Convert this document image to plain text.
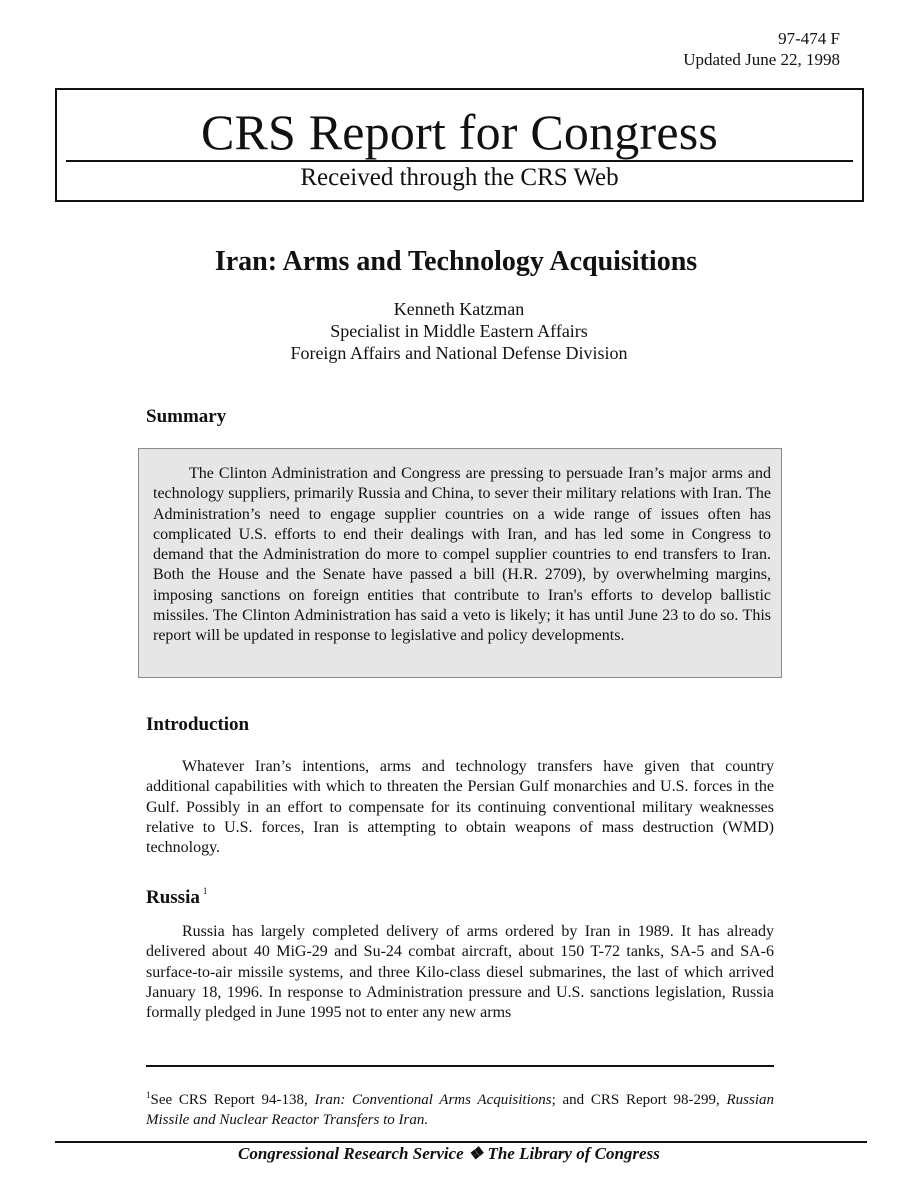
97-474 F
Updated June 22, 1998
CRS Report for Congress
Received through the CRS Web
Iran: Arms and Technology Acquisitions
Kenneth Katzman
Specialist in Middle Eastern Affairs
Foreign Affairs and National Defense Division
Summary

The Clinton Administration and Congress are pressing to persuade Iran’s major arms and technology suppliers, primarily Russia and China, to sever their military relations with Iran. The Administration’s need to engage supplier countries on a wide range of issues often has complicated U.S. efforts to end their dealings with Iran, and has led some in Congress to demand that the Administration do more to compel supplier countries to end transfers to Iran. Both the House and the Senate have passed a bill (H.R. 2709), by overwhelming margins, imposing sanctions on foreign entities that contribute to Iran's efforts to develop ballistic missiles. The Clinton Administration has said a veto is likely; it has until June 23 to do so. This report will be updated in response to legislative and policy developments.

Introduction

Whatever Iran’s intentions, arms and technology transfers have given that country additional capabilities with which to threaten the Persian Gulf monarchies and U.S. forces in the Gulf. Possibly in an effort to compensate for its continuing conventional military weaknesses relative to U.S. forces, Iran is attempting to obtain weapons of mass destruction (WMD) technology.

Russia $^1$

Russia has largely completed delivery of arms ordered by Iran in 1989. It has already delivered about 40 MiG-29 and Su-24 combat aircraft, about 150 T-72 tanks, SA-5 and SA-6 surface-to-air missile systems, and three Kilo-class diesel submarines, the last of which arrived January 18, 1996. In response to Administration pressure and U.S. sanctions legislation, Russia formally pledged in June 1995 not to enter any new arms

$^1$See CRS Report 94-138, Iran: Conventional Arms Acquisitions; and CRS Report 98-299, Russian Missile and Nuclear Reactor Transfers to Iran.

Congressional Research Service ❖ The Library of Congress
